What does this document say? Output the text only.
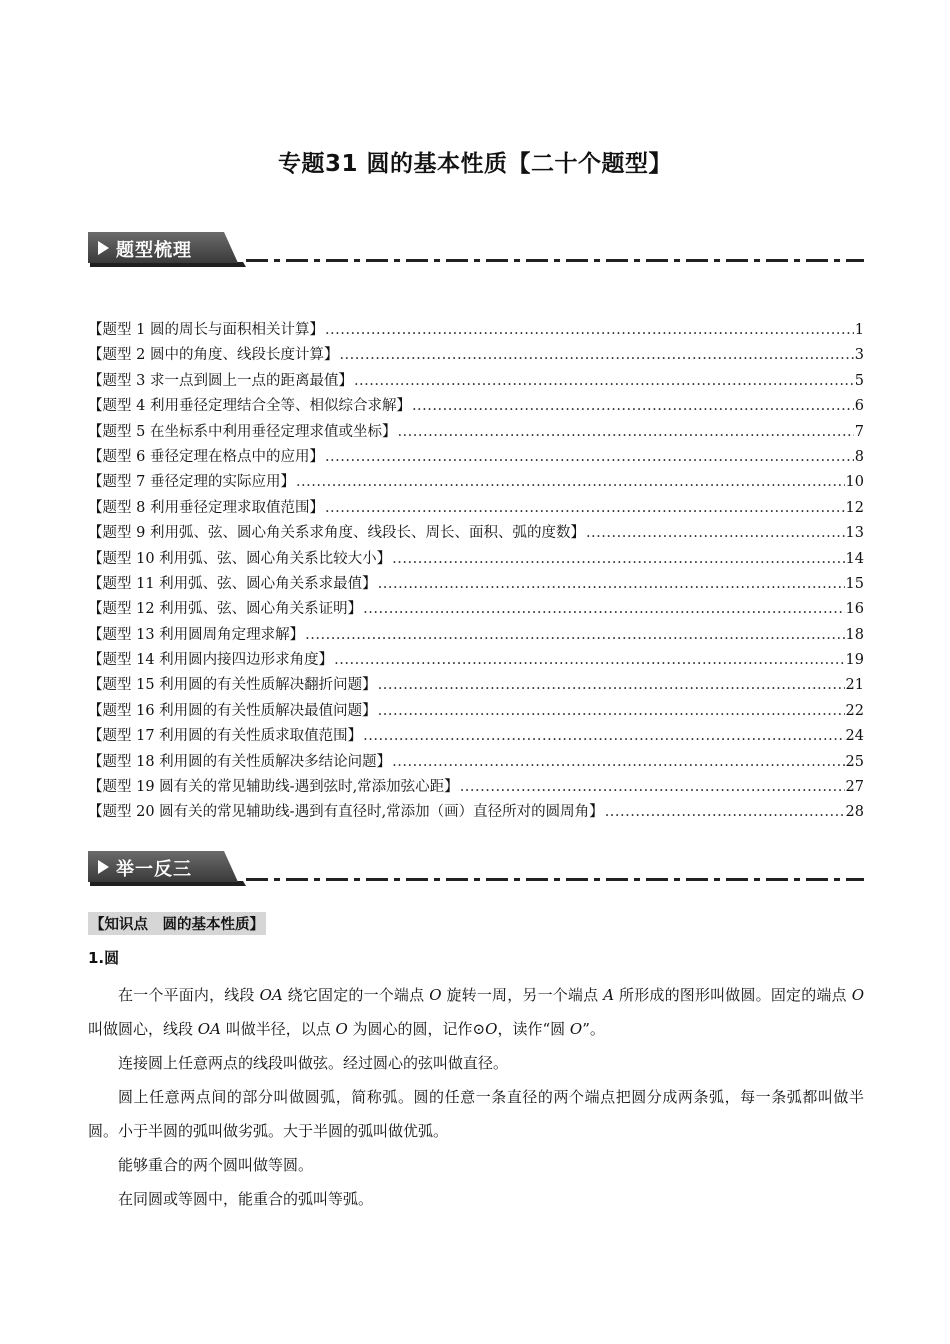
专题31 圆的基本性质【二十个题型】
题型梳理
【题型 1 圆的周长与面积相关计算】 .....	1
【题型 2 圆中的角度、线段长度计算】 .....	3
【题型 3 求一点到圆上一点的距离最值】 .....	5
【题型 4 利用垂径定理结合全等、相似综合求解】 .....	6
【题型 5 在坐标系中利用垂径定理求值或坐标】 .....	7
【题型 6 垂径定理在格点中的应用】 .....	8
【题型 7 垂径定理的实际应用】 .....	10
【题型 8 利用垂径定理求取值范围】 .....	12
【题型 9 利用弧、弦、圆心角关系求角度、线段长、周长、面积、弧的度数】 .....	13
【题型 10 利用弧、弦、圆心角关系比较大小】 .....	14
【题型 11 利用弧、弦、圆心角关系求最值】 .....	15
【题型 12 利用弧、弦、圆心角关系证明】 .....	16
【题型 13 利用圆周角定理求解】 .....	18
【题型 14 利用圆内接四边形求角度】 .....	19
【题型 15 利用圆的有关性质解决翻折问题】 .....	21
【题型 16 利用圆的有关性质解决最值问题】 .....	22
【题型 17 利用圆的有关性质求取值范围】 .....	24
【题型 18 利用圆的有关性质解决多结论问题】 .....	25
【题型 19 圆有关的常见辅助线-遇到弦时,常添加弦心距】 .....	27
【题型 20 圆有关的常见辅助线-遇到有直径时,常添加（画）直径所对的圆周角】 .....	28
举一反三
【知识点　圆的基本性质】
1.圆

在一个平面内，线段 OA 绕它固定的一个端点 O 旋转一周，另一个端点 A 所形成的图形叫做圆。固定的端点 O 叫做圆心，线段 OA 叫做半径，以点 O 为圆心的圆，记作⊙O，读作“圆 O”。

连接圆上任意两点的线段叫做弦。经过圆心的弦叫做直径。

圆上任意两点间的部分叫做圆弧，简称弧。圆的任意一条直径的两个端点把圆分成两条弧，每一条弧都叫做半圆。小于半圆的弧叫做劣弧。大于半圆的弧叫做优弧。

能够重合的两个圆叫做等圆。

在同圆或等圆中，能重合的弧叫等弧。
